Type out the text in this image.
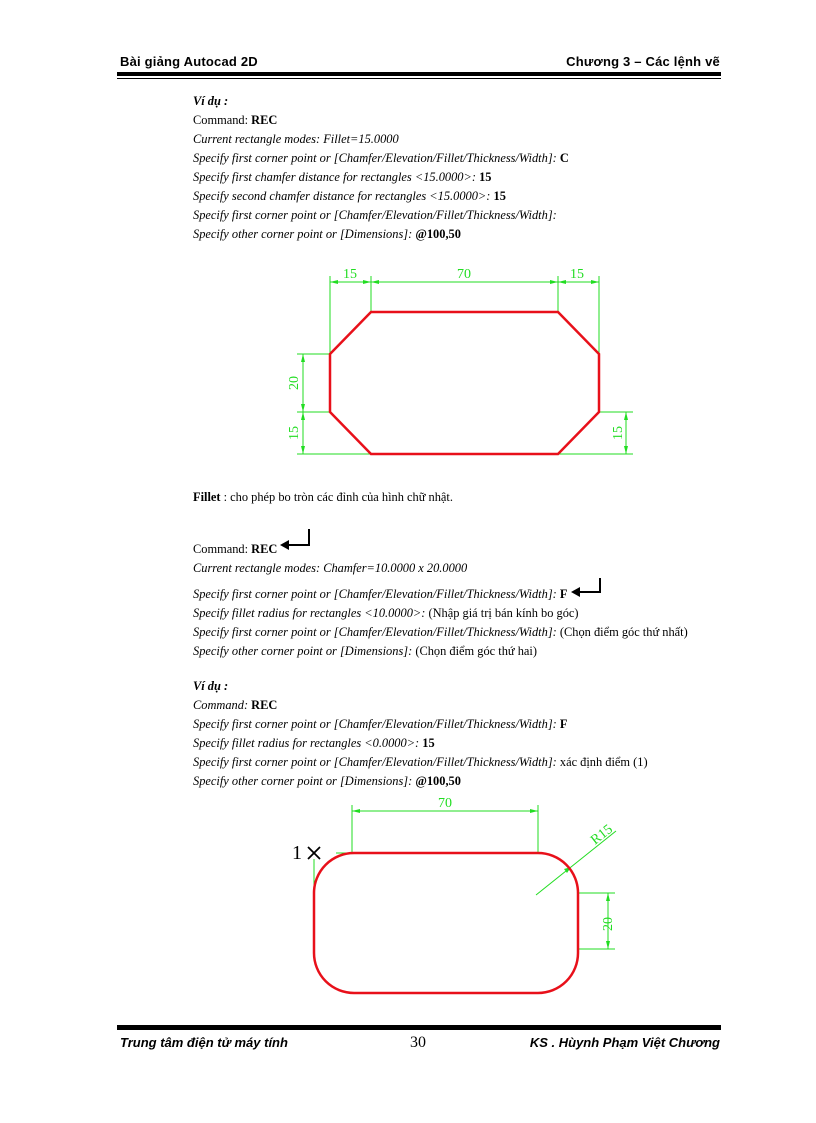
Bài giảng Autocad 2D	Chương 3 – Các lệnh vẽ
Ví dụ :
Command: REC
Current rectangle modes: Fillet=15.0000
Specify first corner point or [Chamfer/Elevation/Fillet/Thickness/Width]: C
Specify first chamfer distance for rectangles <15.0000>: 15
Specify second chamfer distance for rectangles <15.0000>: 15
Specify first corner point or [Chamfer/Elevation/Fillet/Thickness/Width]:
Specify other corner point or [Dimensions]: @100,50
15	70	15
20
15	15
Fillet : cho phép bo tròn các đỉnh của hình chữ nhật.
Command: REC
Current rectangle modes: Chamfer=10.0000 x 20.0000
Specify first corner point or [Chamfer/Elevation/Fillet/Thickness/Width]: F
Specify fillet radius for rectangles <10.0000>: (Nhập giá trị bán kính bo góc)
Specify first corner point or [Chamfer/Elevation/Fillet/Thickness/Width]: (Chọn điểm góc thứ nhất)
Specify other corner point or [Dimensions]: (Chọn điểm góc thứ hai)
Ví dụ :
Command: REC
Specify first corner point or [Chamfer/Elevation/Fillet/Thickness/Width]: F
Specify fillet radius for rectangles <0.0000>: 15
Specify first corner point or [Chamfer/Elevation/Fillet/Thickness/Width]: xác định điểm (1)
Specify other corner point or [Dimensions]: @100,50
70
R15
20
1
Trung tâm điện tử máy tính	30	KS . Hùynh Phạm Việt Chương
